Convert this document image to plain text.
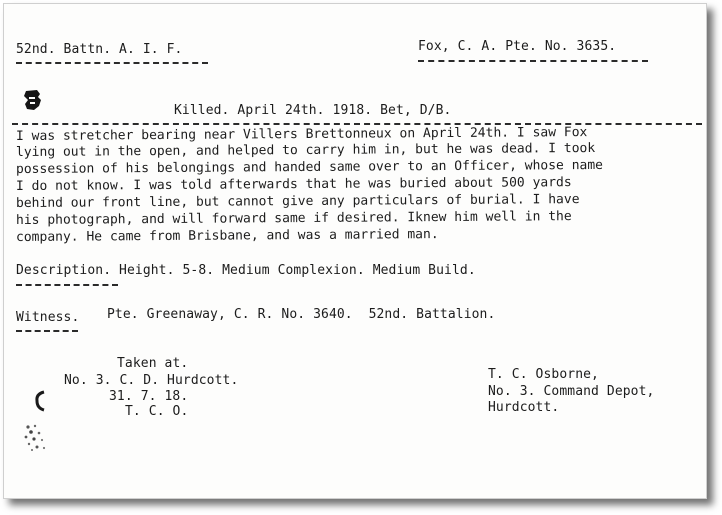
52nd. Battn. A. I. F.	Fox, C. A. Pte. No. 3635.
Killed. April 24th. 1918. Bet, D/B.
I was stretcher bearing near Villers Brettonneux on April 24th. I saw Fox
lying out in the open, and helped to carry him in, but he was dead. I took
possession of his belongings and handed same over to an Officer, whose name
I do not know. I was told afterwards that he was buried about 500 yards
behind our front line, but cannot give any particulars of burial. I have
his photograph, and will forward same if desired. Iknew him well in the
company. He came from Brisbane, and was a married man.
Description. Height. 5-8. Medium Complexion. Medium Build.
Witness. Pte. Greenaway, C. R. No. 3640.  52nd. Battalion.
Taken at.
No. 3. C. D. Hurdcott.
31. 7. 18.
T. C. O.
T. C. Osborne,
No. 3. Command Depot,
Hurdcott.
